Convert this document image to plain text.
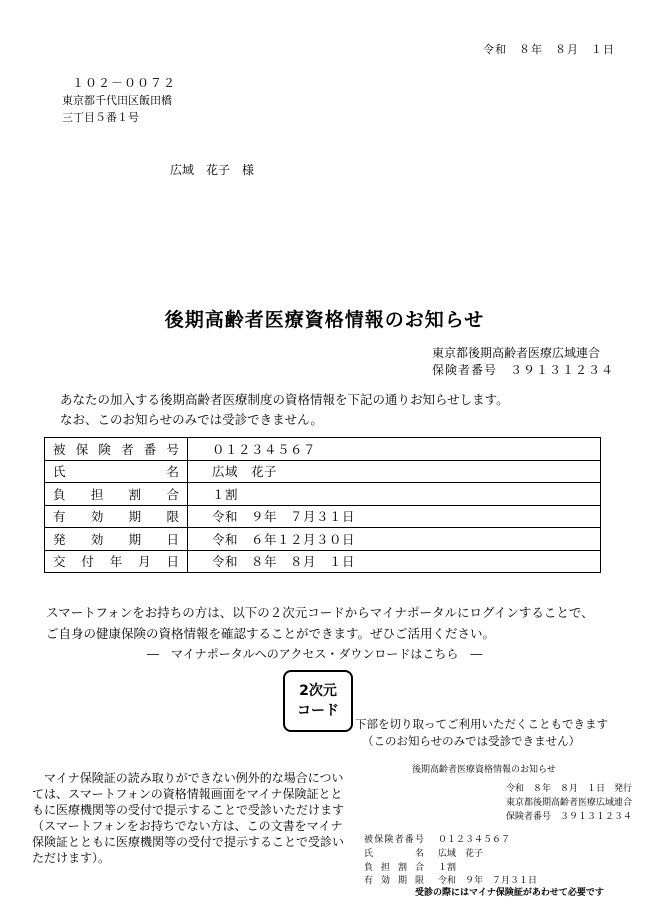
令和　８年　８月　１日
１０２－００７２
東京都千代田区飯田橋
三丁目５番１号
広域　花子　様
後期高齢者医療資格情報のお知らせ
東京都後期高齢者医療広域連合
保険者番号　３９１３１２３４
あなたの加入する後期高齢者医療制度の資格情報を下記の通りお知らせします。
なお、このお知らせのみでは受診できません。
被保険者番号	０１２３４５６７
氏名	広域　花子
負担割合	１割
有効期限	令和　９年　７月３１日
発効期日	令和　６年１２月３０日
交付年月日	令和　８年　８月　１日
スマートフォンをお持ちの方は、以下の２次元コードからマイナポータルにログインすることで、
ご自身の健康保険の資格情報を確認することができます。ぜひご活用ください。
―　マイナポータルへのアクセス・ダウンロードはこちら　―
2次元
コード
下部を切り取ってご利用いただくこともできます
（このお知らせのみでは受診できません）
　マイナ保険証の読み取りができない例外的な場合については、スマートフォンの資格情報画面をマイナ保険証とともに医療機関等の受付で提示することで受診いただけます（スマートフォンをお持ちでない方は、この文書をマイナ保険証とともに医療機関等の受付で提示することで受診いただけます）。
後期高齢者医療資格情報のお知らせ
令和　８年　８月　１日　発行
東京都後期高齢者医療広域連合
保険者番号　３９１３１２３４
被保険者番号 ０１２３４５６７
氏名 広域　花子
負担割合 １割
有効期限 令和　９年　７月３１日
受診の際にはマイナ保険証があわせて必要です
